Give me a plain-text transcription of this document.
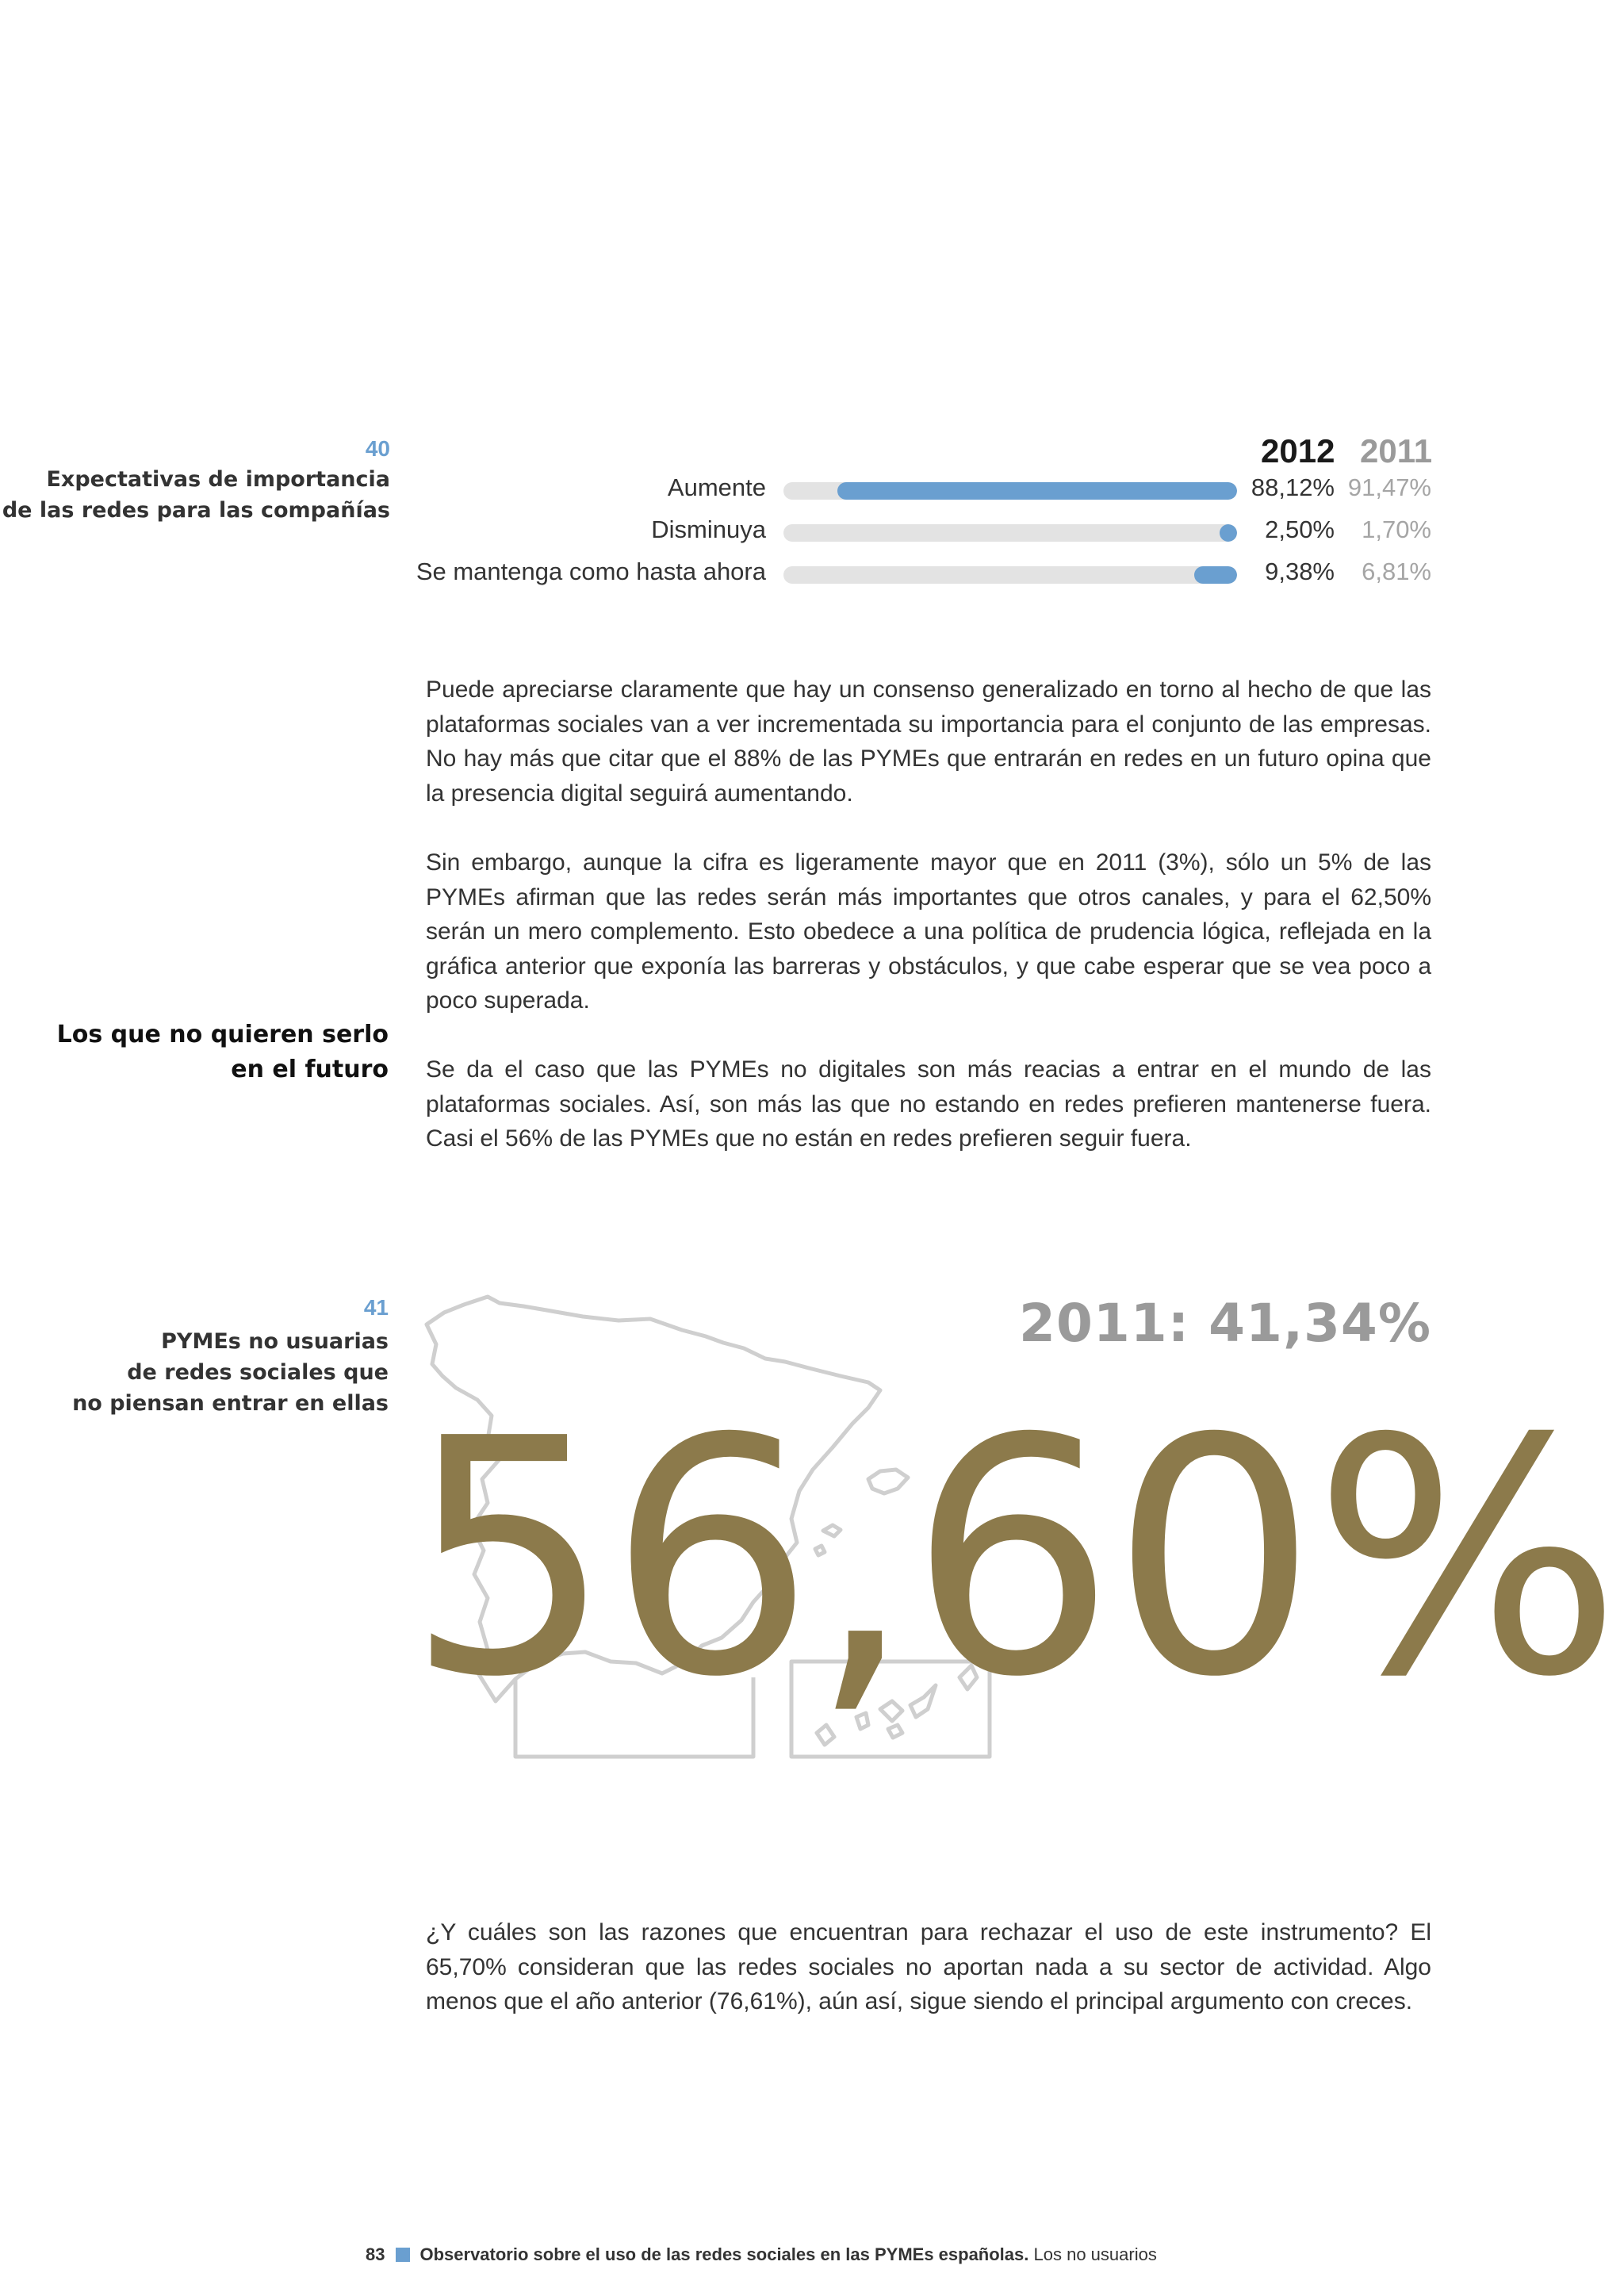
40
Expectativas de importancia
de las redes para las compañías
2012 2011
Aumente	88,12% 91,47%
Disminuya	2,50% 1,70%
Se mantenga como hasta ahora	9,38% 6,81%
Puede apreciarse claramente que hay un consenso generalizado en torno al hecho de que las plataformas sociales van a ver incrementada su importancia para el conjunto de las empresas. No hay más que citar que el 88% de las PYMEs que entrarán en redes en un futuro opina que la presencia digital seguirá aumentando.
Sin embargo, aunque la cifra es ligeramente mayor que en 2011 (3%), sólo un 5% de las PYMEs afirman que las redes serán más importantes que otros canales, y para el 62,50% serán un mero complemento. Esto obedece a una política de prudencia lógica, reflejada en la gráfica anterior que exponía las barreras y obstáculos, y que cabe esperar que se vea poco a poco superada.
Los que no quieren serlo
en el futuro Se da el caso que las PYMEs no digitales son más reacias a entrar en el mundo de las plataformas sociales. Así, son más las que no estando en redes prefieren mantenerse fuera. Casi el 56% de las PYMEs que no están en redes prefieren seguir fuera.
41
PYMEs no usuarias
de redes sociales que
no piensan entrar en ellas
2011: 41,34%
56,60%
¿Y cuáles son las razones que encuentran para rechazar el uso de este instrumento? El 65,70% consideran que las redes sociales no aportan nada a su sector de actividad. Algo menos que el año anterior (76,61%), aún así, sigue siendo el principal argumento con creces.
83 Observatorio sobre el uso de las redes sociales en las PYMEs españolas. Los no usuarios
